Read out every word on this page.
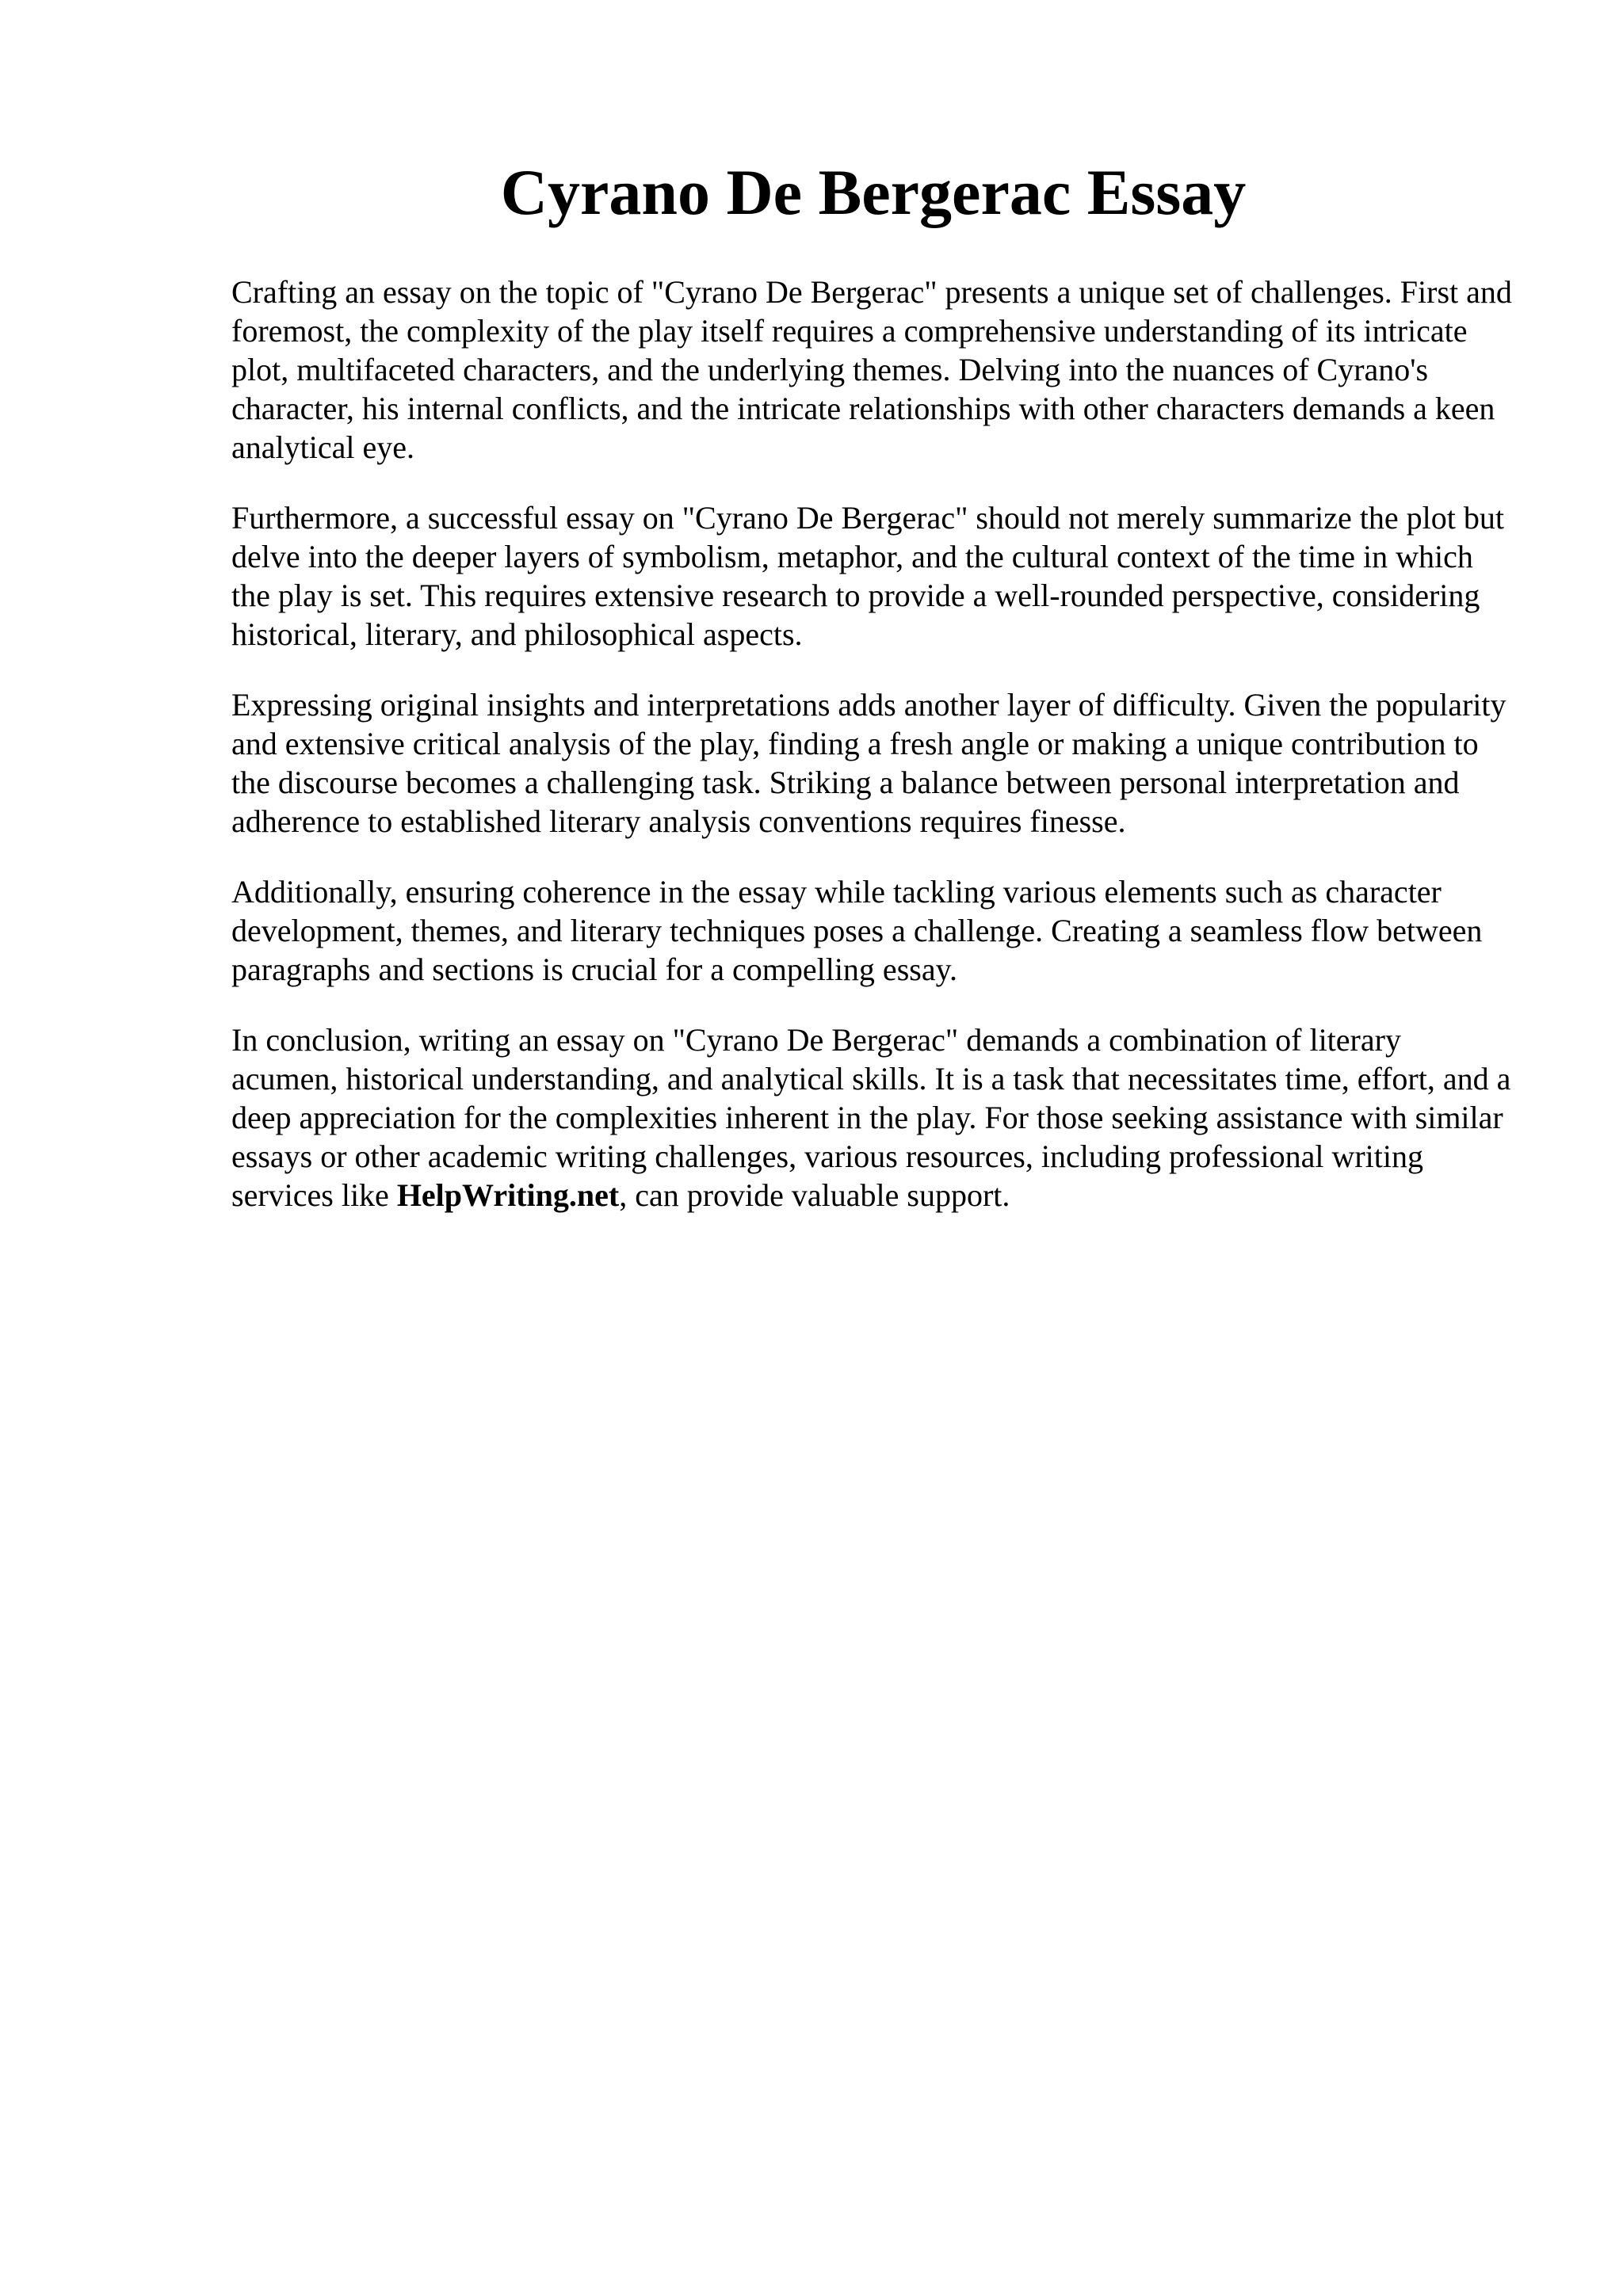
Cyrano De Bergerac Essay

Crafting an essay on the topic of "Cyrano De Bergerac" presents a unique set of challenges. First and foremost, the complexity of the play itself requires a comprehensive understanding of its intricate plot, multifaceted characters, and the underlying themes. Delving into the nuances of Cyrano's character, his internal conflicts, and the intricate relationships with other characters demands a keen analytical eye.

Furthermore, a successful essay on "Cyrano De Bergerac" should not merely summarize the plot but delve into the deeper layers of symbolism, metaphor, and the cultural context of the time in which the play is set. This requires extensive research to provide a well-rounded perspective, considering historical, literary, and philosophical aspects.

Expressing original insights and interpretations adds another layer of difficulty. Given the popularity and extensive critical analysis of the play, finding a fresh angle or making a unique contribution to the discourse becomes a challenging task. Striking a balance between personal interpretation and adherence to established literary analysis conventions requires finesse.

Additionally, ensuring coherence in the essay while tackling various elements such as character development, themes, and literary techniques poses a challenge. Creating a seamless flow between paragraphs and sections is crucial for a compelling essay.

In conclusion, writing an essay on "Cyrano De Bergerac" demands a combination of literary acumen, historical understanding, and analytical skills. It is a task that necessitates time, effort, and a deep appreciation for the complexities inherent in the play. For those seeking assistance with similar essays or other academic writing challenges, various resources, including professional writing services like HelpWriting.net, can provide valuable support.
